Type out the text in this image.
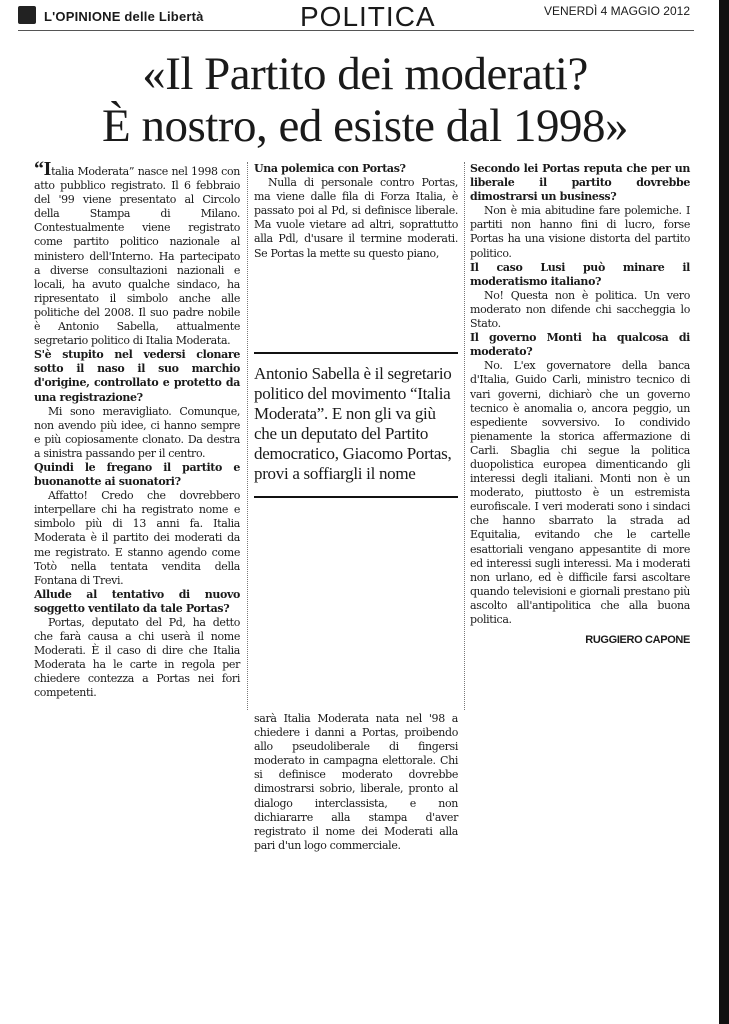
L'OPINIONE delle Libertà	POLITICA	VENERDÌ 4 MAGGIO 2012
«Il Partito dei moderati?
È nostro, ed esiste dal 1998»

“Italia Moderata” nasce nel 1998 con atto pubblico registrato. Il 6 febbraio del '99 viene presentato al Circolo della Stampa di Milano. Contestualmente viene registrato come partito politico nazionale al ministero dell'Interno. Ha partecipato a diverse consultazioni nazionali e locali, ha avuto qualche sindaco, ha ripresentato il simbolo anche alle politiche del 2008. Il suo padre nobile è Antonio Sabella, attualmente segretario politico di Italia Moderata.

S'è stupito nel vedersi clonare sotto il naso il suo marchio d'origine, controllato e protetto da una registrazione?

Mi sono meravigliato. Comunque, non avendo più idee, ci hanno sempre e più copiosamente clonato. Da destra a sinistra passando per il centro.

Quindi le fregano il partito e buonanotte ai suonatori?

Affatto! Credo che dovrebbero interpellare chi ha registrato nome e simbolo più di 13 anni fa. Italia Moderata è il partito dei moderati da me registrato. E stanno agendo come Totò nella tentata vendita della Fontana di Trevi.

Allude al tentativo di nuovo soggetto ventilato da tale Portas?

Portas, deputato del Pd, ha detto che farà causa a chi userà il nome Moderati. È il caso di dire che Italia Moderata ha le carte in regola per chiedere contezza a Portas nei fori competenti.

Una polemica con Portas?

Nulla di personale contro Portas, ma viene dalle fila di Forza Italia, è passato poi al Pd, si definisce liberale. Ma vuole vietare ad altri, soprattutto alla Pdl, d'usare il termine moderati. Se Portas la mette su questo piano,

Antonio Sabella è il segretario politico del movimento “Italia Moderata”. E non gli va giù che un deputato del Partito democratico, Giacomo Portas, provi a soffiargli il nome

sarà Italia Moderata nata nel '98 a chiedere i danni a Portas, proibendo allo pseudoliberale di fingersi moderato in campagna elettorale. Chi si definisce moderato dovrebbe dimostrarsi sobrio, liberale, pronto al dialogo interclassista, e non dichiararre alla stampa d'aver registrato il nome dei Moderati alla pari d'un logo commerciale.

Secondo lei Portas reputa che per un liberale il partito dovrebbe dimostrarsi un business?

Non è mia abitudine fare polemiche. I partiti non hanno fini di lucro, forse Portas ha una visione distorta del partito politico.

Il caso Lusi può minare il moderatismo italiano?

No! Questa non è politica. Un vero moderato non difende chi saccheggia lo Stato.

Il governo Monti ha qualcosa di moderato?

No. L'ex governatore della banca d'Italia, Guido Carli, ministro tecnico di vari governi, dichiarò che un governo tecnico è anomalia o, ancora peggio, un espediente sovversivo. Io condivido pienamente la storica affermazione di Carli. Sbaglia chi segue la politica duopolistica europea dimenticando gli interessi degli italiani. Monti non è un moderato, piuttosto è un estremista eurofiscale. I veri moderati sono i sindaci che hanno sbarrato la strada ad Equitalia, evitando che le cartelle esattoriali vengano appesantite di more ed interessi sugli interessi. Ma i moderati non urlano, ed è difficile farsi ascoltare quando televisioni e giornali prestano più ascolto all'antipolitica che alla buona politica.

RUGGIERO CAPONE
